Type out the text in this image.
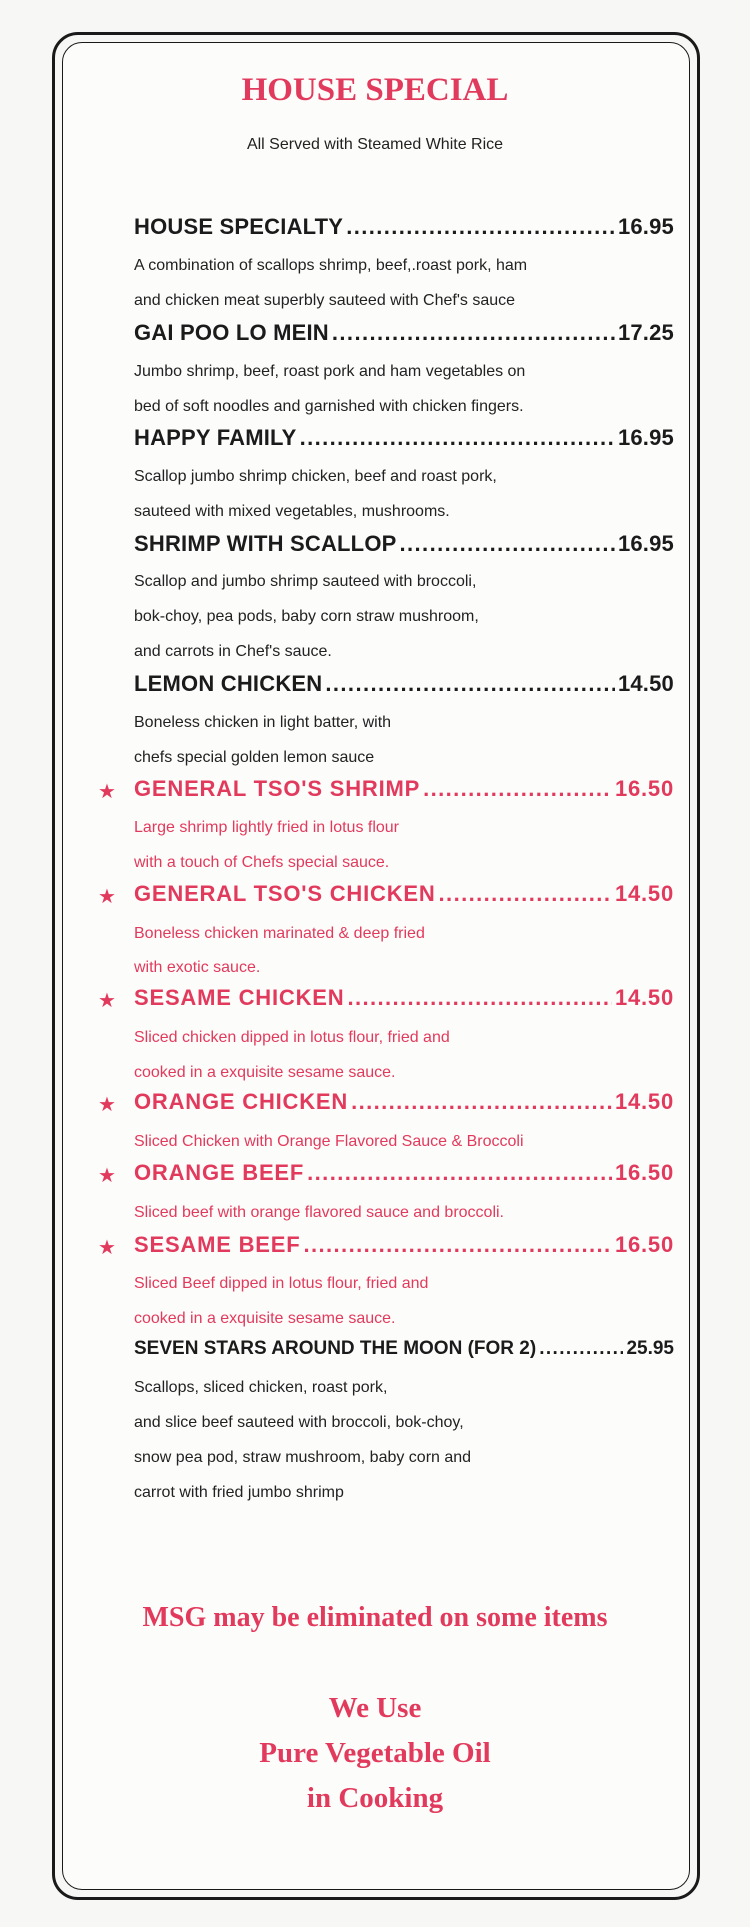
HOUSE SPECIAL
All Served with Steamed White Rice
HOUSE SPECIALTY .....	16.95
A combination of scallops shrimp, beef,.roast pork, ham
and chicken meat superbly sauteed with Chef's sauce
GAI POO LO MEIN .....	17.25
Jumbo shrimp, beef, roast pork and ham vegetables on
bed of soft noodles and garnished with chicken fingers.
HAPPY FAMILY .....	16.95
Scallop jumbo shrimp chicken, beef and roast pork,
sauteed with mixed vegetables, mushrooms.
SHRIMP WITH SCALLOP .....	16.95
Scallop and jumbo shrimp sauteed with broccoli,
bok-choy, pea pods, baby corn straw mushroom,
and carrots in Chef's sauce.
LEMON CHICKEN .....	14.50
Boneless chicken in light batter, with
chefs special golden lemon sauce
★ GENERAL TSO'S SHRIMP .....	16.50
Large shrimp lightly fried in lotus flour
with a touch of Chefs special sauce.
★ GENERAL TSO'S CHICKEN .....	14.50
Boneless chicken marinated & deep fried
with exotic sauce.
★ SESAME CHICKEN .....	14.50
Sliced chicken dipped in lotus flour, fried and
cooked in a exquisite sesame sauce.
★ ORANGE CHICKEN .....	14.50
Sliced Chicken with Orange Flavored Sauce & Broccoli
★ ORANGE BEEF .....	16.50
Sliced beef with orange flavored sauce and broccoli.
★ SESAME BEEF .....	16.50
Sliced Beef dipped in lotus flour, fried and
cooked in a exquisite sesame sauce.
SEVEN STARS AROUND THE MOON (FOR 2) .....	25.95
Scallops, sliced chicken, roast pork,
and slice beef sauteed with broccoli, bok-choy,
snow pea pod, straw mushroom, baby corn and
carrot with fried jumbo shrimp
MSG may be eliminated on some items
We Use
Pure Vegetable Oil
in Cooking
